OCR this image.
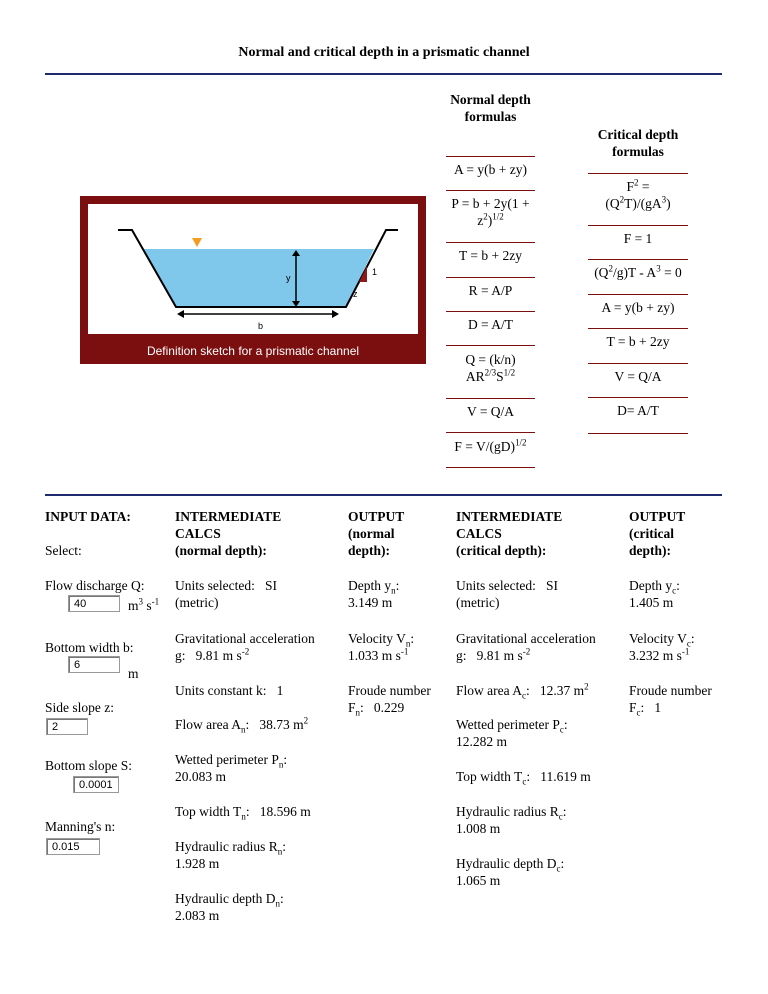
Normal and critical depth in a prismatic channel
1
z
y
b
Definition sketch for a prismatic channel
Normal depth formulas
A = y(b + zy)
P = b + 2y(1 +
$z^2)^{1/2}$
T = b + 2zy
R = A/P
D = A/T
Q = (k/n)
$AR^{2/3}S^{1/2}$
V = Q/A
F = V/(gD)$^{1/2}$
Critical depth formulas
$F^2$ =
$(Q^2T)/(gA^3)$
F = 1
$(Q^2/g)T - A^3 = 0$
A = y(b + zy)
T = b + 2zy
V = Q/A
D= A/T
INPUT DATA:
Select:
Flow discharge Q:
40	$m^3$ $s^{-1}$
Bottom width b:
6
m
Side slope z:
2
Bottom slope S:
0.0001
Manning's n:
0.015
INTERMEDIATE
CALCS
(normal depth):
Units selected: SI
(metric)
Gravitational acceleration
g:   9.81 m $s^{-2}$
Units constant k: 1
Flow area $A_n$:   38.73 $m^2$
Wetted perimeter $P_n$:
20.083 m
Top width $T_n$:   18.596 m
Hydraulic radius $R_n$:
1.928 m
Hydraulic depth $D_n$:
2.083 m
OUTPUT
(normal
depth):
Depth $y_n$:
3.149 m
Velocity $V_n$:
1.033 m $s^{-1}$
Froude number
$F_n$:   0.229
INTERMEDIATE
CALCS
(critical depth):
Units selected: SI
(metric)
Gravitational acceleration
g:   9.81 m $s^{-2}$
Flow area $A_c$:   12.37 $m^2$
Wetted perimeter $P_c$:
12.282 m
Top width $T_c$:   11.619 m
Hydraulic radius $R_c$:
1.008 m
Hydraulic depth $D_c$:
1.065 m
OUTPUT
(critical
depth):
Depth $y_c$:
1.405 m
Velocity $V_c$:
3.232 m $s^{-1}$
Froude number
$F_c$:   1
